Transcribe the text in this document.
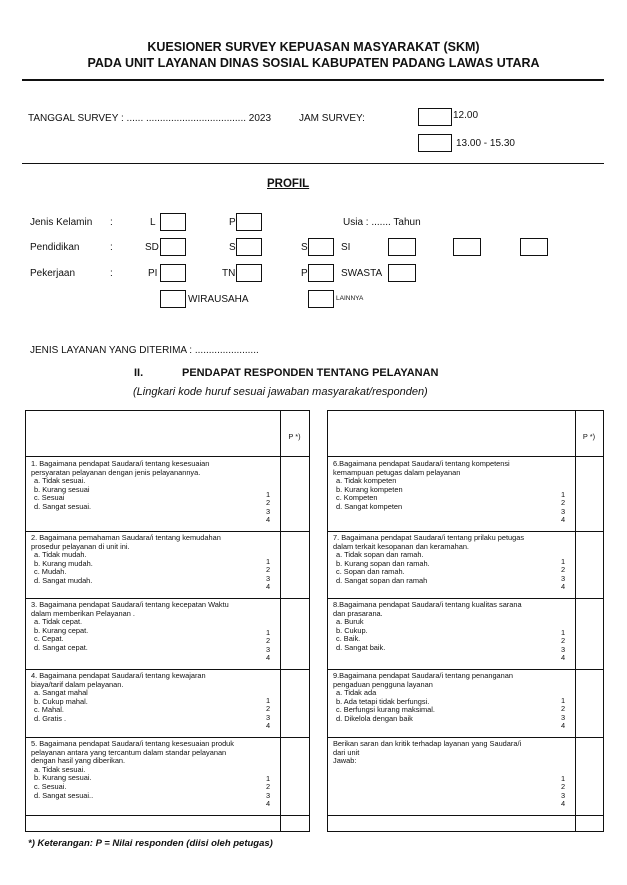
KUESIONER SURVEY KEPUASAN MASYARAKAT (SKM)
PADA UNIT LAYANAN DINAS SOSIAL KABUPATEN PADANG LAWAS UTARA
TANGGAL SURVEY : ...... .................................... 2023	JAM SURVEY:	12.00
13.00 - 15.30
PROFIL
Jenis Kelamin :	L	P	Usia : ....... Tahun
Pendidikan	:	SD	S	S	SI
Pekerjaan	:	PI	TN	P	SWASTA
WIRAUSAHA	LAINNYA
JENIS LAYANAN YANG DITERIMA : .......................
II.	PENDAPAT RESPONDEN TENTANG PELAYANAN
(Lingkari kode huruf sesuai jawaban masyarakat/responden)
P *)
1. Bagaimana pendapat Saudara/i tentang kesesuaian
persyaratan pelayanan dengan jenis pelayanannya.
a. Tidak sesuai.
b. Kurang sesuai
c. Sesuai
d. Sangat sesuai.
1
2
3
4
2. Bagaimana pemahaman Saudara/i tentang kemudahan
prosedur pelayanan di unit ini.
a. Tidak mudah.
b. Kurang mudah.
c. Mudah.
d. Sangat mudah.
1
2
3
4
3. Bagaimana pendapat Saudara/i tentang kecepatan Waktu
dalam memberikan Pelayanan .
a. Tidak cepat.
b. Kurang cepat.
c. Cepat.
d. Sangat cepat.
1
2
3
4
4. Bagaimana pendapat Saudara/i tentang kewajaran
biaya/tarif dalam pelayanan.
a. Sangat mahal
b. Cukup mahal.
c. Mahal.
d. Gratis .
1
2
3
4
5. Bagaimana pendapat Saudara/i tentang kesesuaian produk
pelayanan antara yang tercantum dalam standar pelayanan
dengan hasil yang diberikan.
a. Tidak sesuai.
b. Kurang sesuai.
c. Sesuai.
d. Sangat sesuai..
1
2
3
4
P *)
6.Bagaimana pendapat Saudara/i tentang kompetensi
kemampuan petugas dalam pelayanan
a. Tidak kompeten
b. Kurang kompeten
c. Kompeten
d. Sangat kompeten
1
2
3
4
7. Bagaimana pendapat Saudara/i tentang prilaku petugas
dalam terkait kesopanan dan keramahan.
a. Tidak sopan dan ramah.
b. Kurang sopan dan ramah.
c. Sopan dan ramah.
d. Sangat sopan dan ramah
1
2
3
4
8.Bagaimana pendapat Saudara/i tentang kualitas sarana
dan prasarana.
a. Buruk
b. Cukup.
c. Baik.
d. Sangat baik.
1
2
3
4
9.Bagaimana pendapat Saudara/i tentang penanganan
pengaduan pengguna layanan
a. Tidak ada
b. Ada tetapi tidak berfungsi.
c. Berfungsi kurang maksimal.
d. Dikelola dengan baik
1
2
3
4
Berikan saran dan kritik terhadap layanan yang Saudara/i
dari unit
Jawab:
1
2
3
4
*) Keterangan: P = Nilai responden (diisi oleh petugas)
